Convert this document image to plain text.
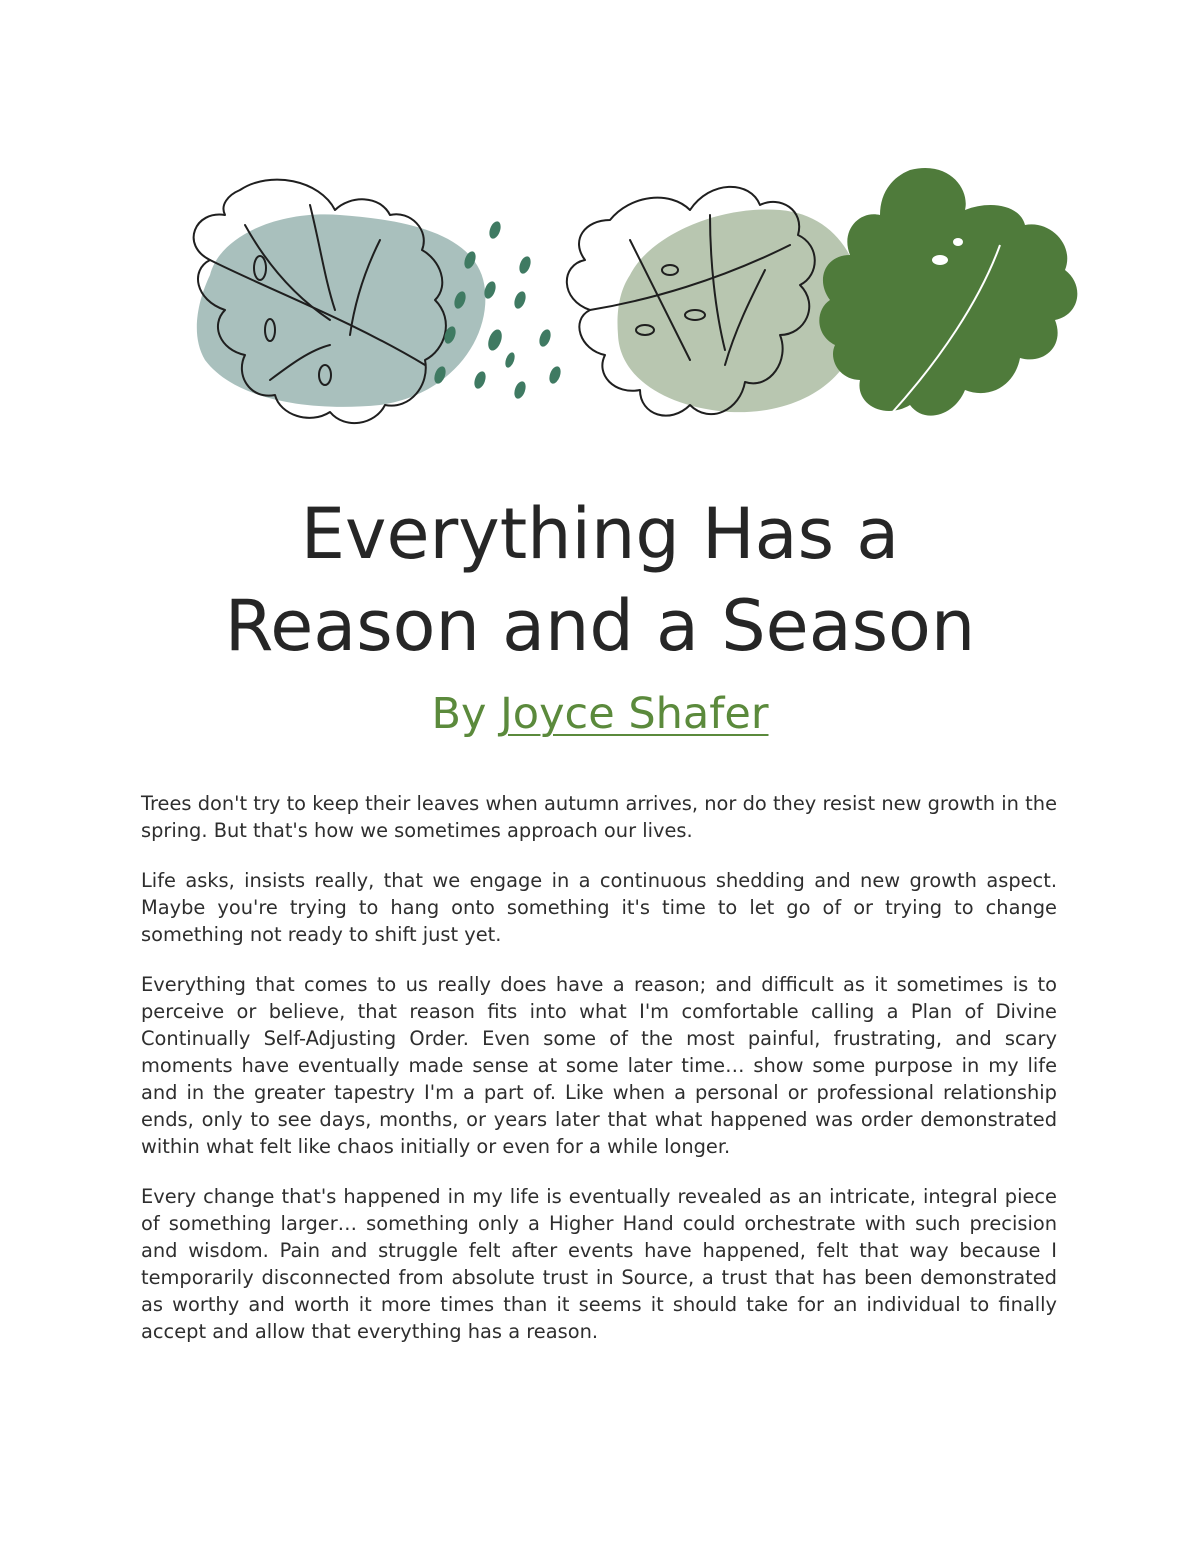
Everything Has a
Reason and a Season
By Joyce Shafer

Trees don't try to keep their leaves when autumn arrives, nor do they resist new growth in the spring. But that's how we sometimes approach our lives.

Life asks, insists really, that we engage in a continuous shedding and new growth aspect. Maybe you're trying to hang onto something it's time to let go of or trying to change something not ready to shift just yet.

Everything that comes to us really does have a reason; and difficult as it sometimes is to perceive or believe, that reason fits into what I'm comfortable calling a Plan of Divine Continually Self-Adjusting Order. Even some of the most painful, frustrating, and scary moments have eventually made sense at some later time… show some purpose in my life and in the greater tapestry I'm a part of. Like when a personal or professional relationship ends, only to see days, months, or years later that what happened was order demonstrated within what felt like chaos initially or even for a while longer.

Every change that's happened in my life is eventually revealed as an intricate, integral piece of something larger… something only a Higher Hand could orchestrate with such precision and wisdom. Pain and struggle felt after events have happened, felt that way because I temporarily disconnected from absolute trust in Source, a trust that has been demonstrated as worthy and worth it more times than it seems it should take for an individual to finally accept and allow that everything has a reason.
